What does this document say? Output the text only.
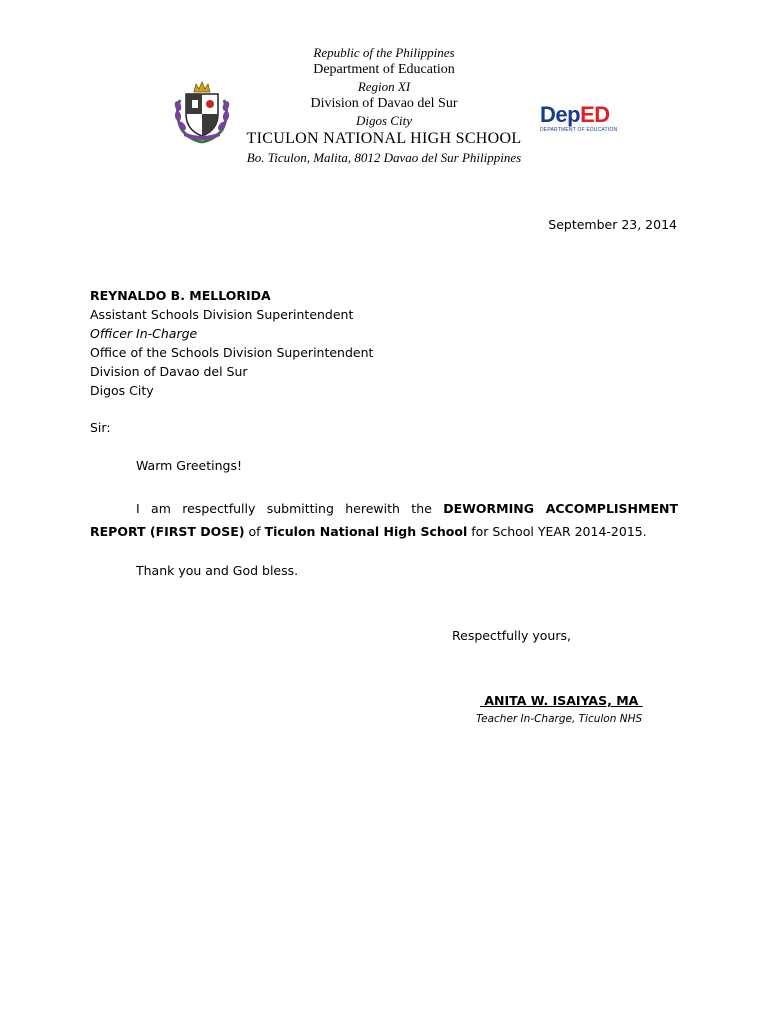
Republic of the Philippines
Department of Education
Region XI
Division of Davao del Sur
Digos City
TICULON NATIONAL HIGH SCHOOL
Bo. Ticulon, Malita, 8012 Davao del Sur Philippines
DepED
DEPARTMENT OF EDUCATION
September 23, 2014
REYNALDO B. MELLORIDA
Assistant Schools Division Superintendent
Officer In-Charge
Office of the Schools Division Superintendent
Division of Davao del Sur
Digos City
Sir:
Warm Greetings!
I am respectfully submitting herewith the DEWORMING ACCOMPLISHMENT REPORT (FIRST DOSE) of Ticulon National High School for School YEAR 2014-2015.
Thank you and God bless.
Respectfully yours,
ANITA W. ISAIYAS, MA
Teacher In-Charge, Ticulon NHS
